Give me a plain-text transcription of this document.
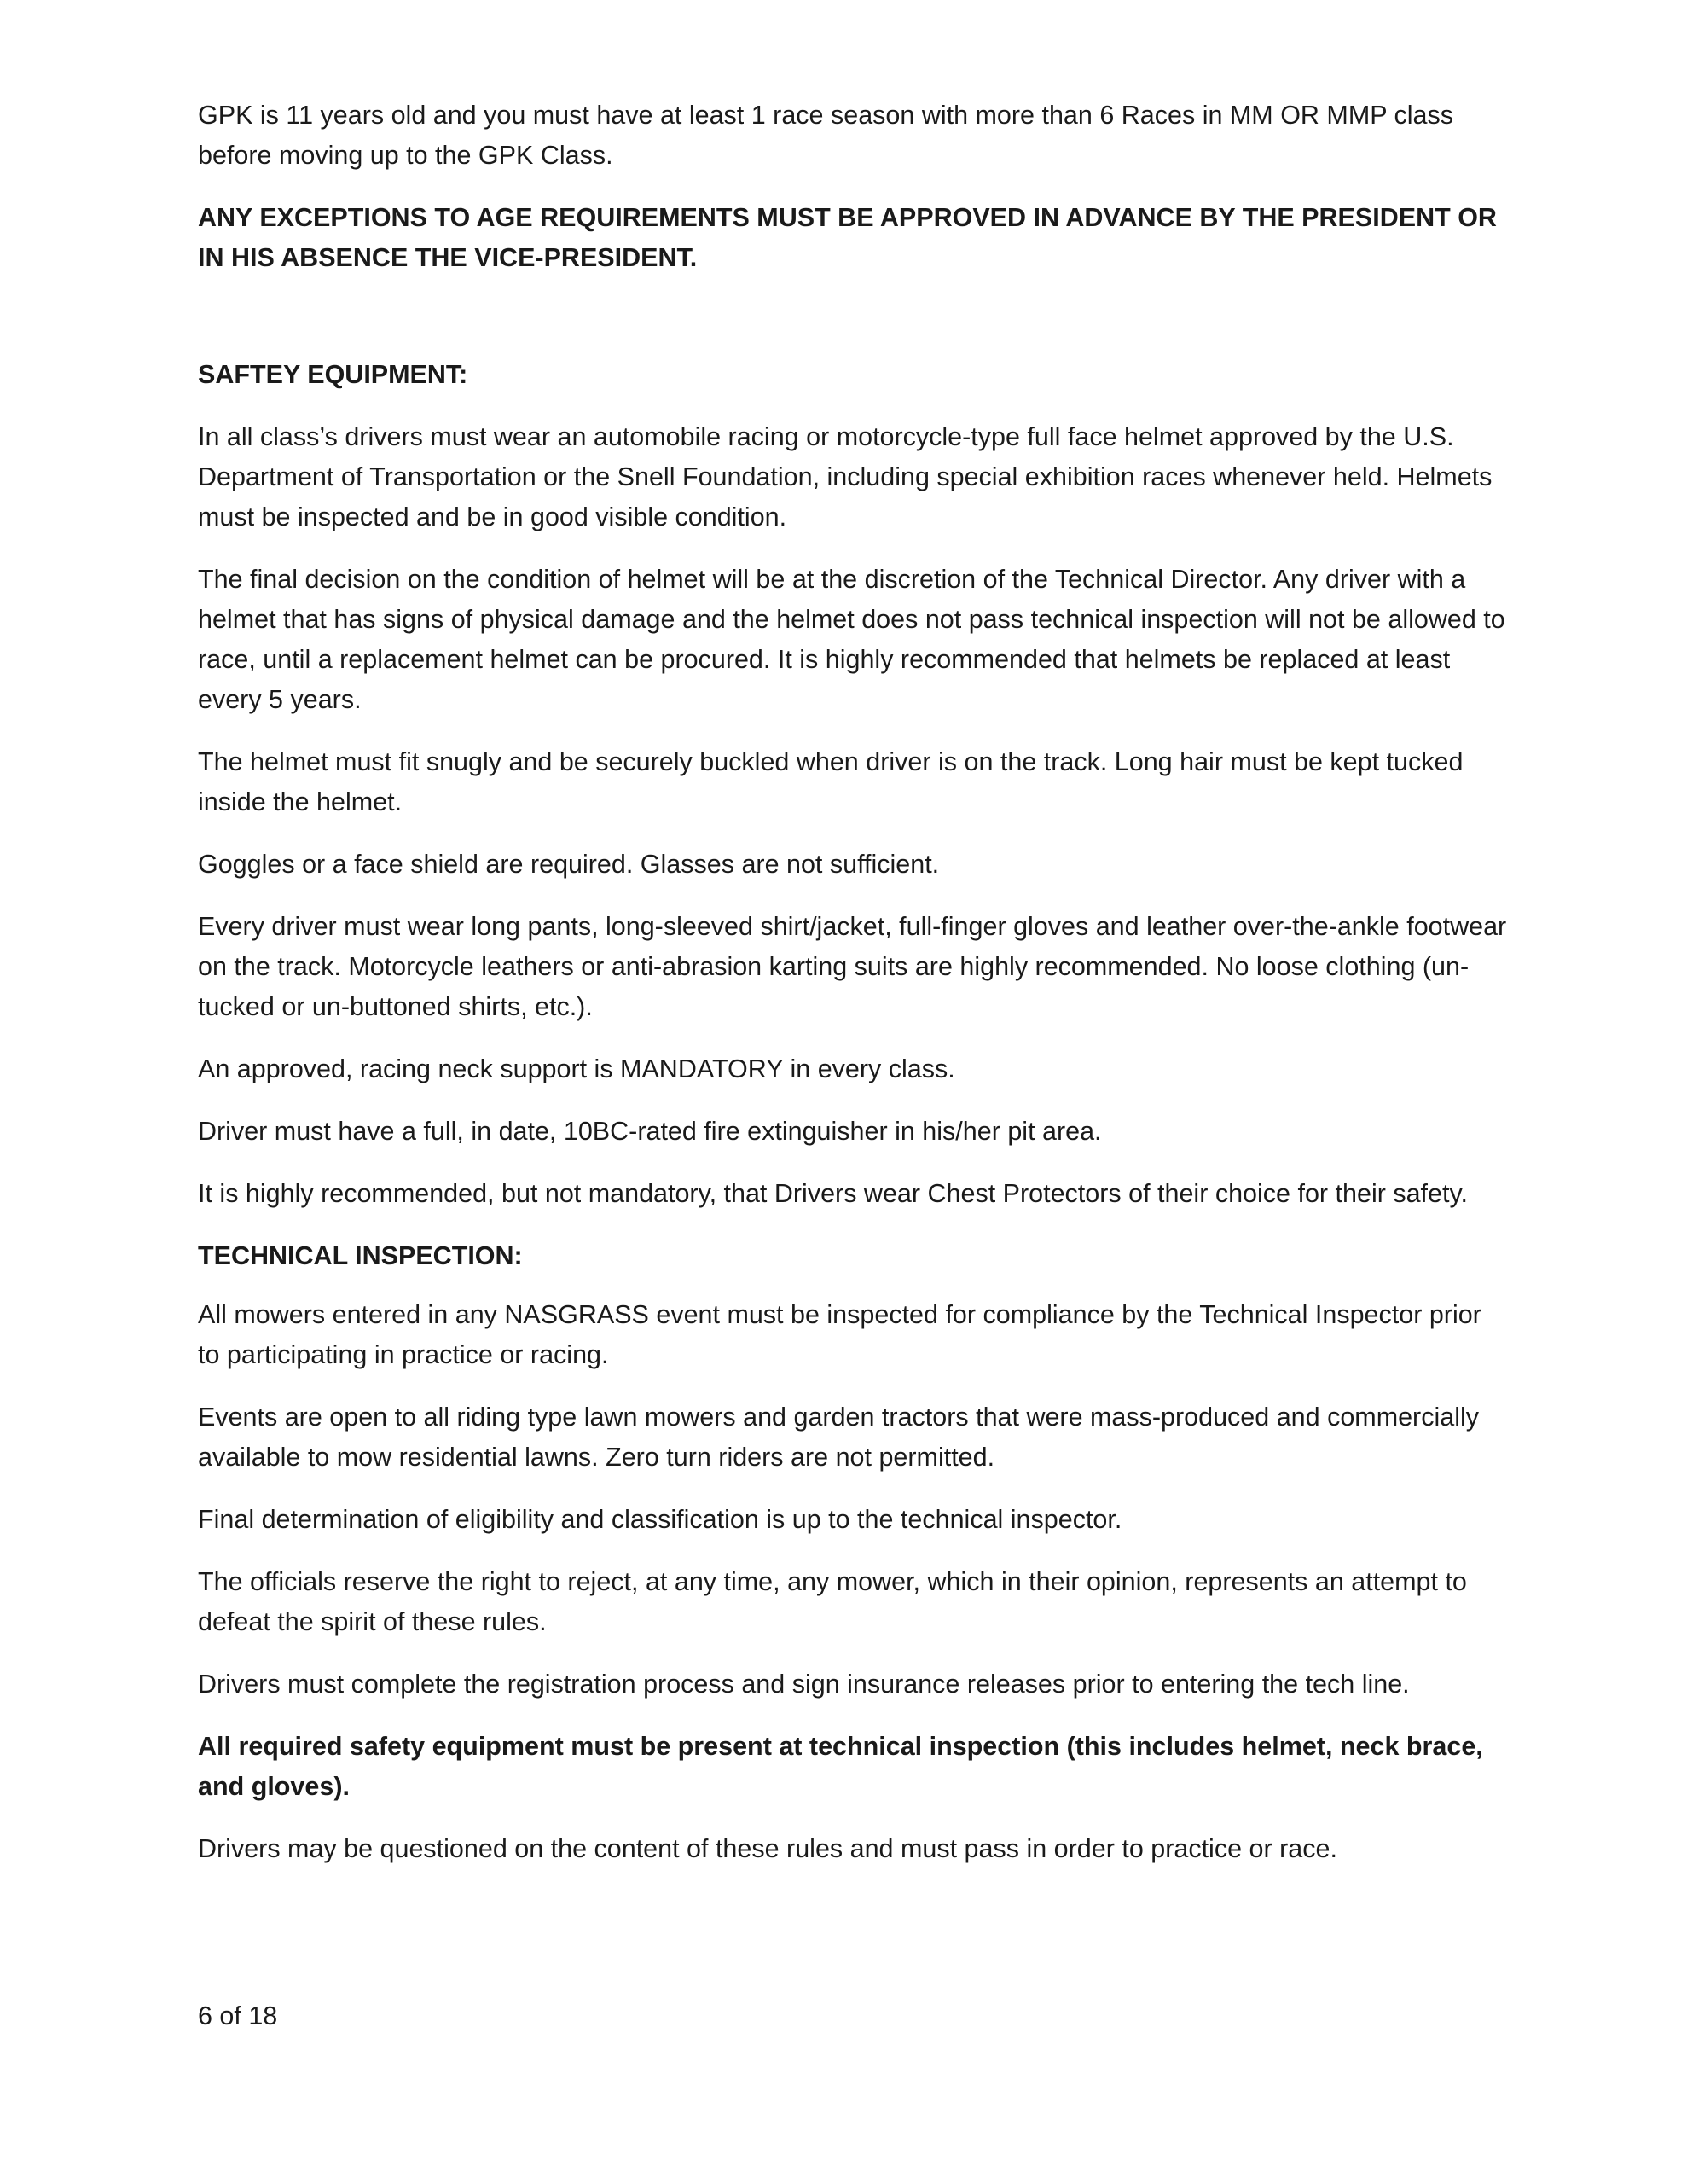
GPK is 11 years old and you must have at least 1 race season with more than 6 Races in MM OR MMP class before moving up to the GPK Class.

ANY EXCEPTIONS TO AGE REQUIREMENTS MUST BE APPROVED IN ADVANCE BY THE PRESIDENT OR IN HIS ABSENCE THE VICE-PRESIDENT.

SAFTEY EQUIPMENT:

In all class’s drivers must wear an automobile racing or motorcycle-type full face helmet approved by the U.S. Department of Transportation or the Snell Foundation, including special exhibition races whenever held. Helmets must be inspected and be in good visible condition.

The final decision on the condition of helmet will be at the discretion of the Technical Director. Any driver with a helmet that has signs of physical damage and the helmet does not pass technical inspection will not be allowed to race, until a replacement helmet can be procured. It is highly recommended that helmets be replaced at least every 5 years.

The helmet must fit snugly and be securely buckled when driver is on the track. Long hair must be kept tucked inside the helmet.

Goggles or a face shield are required. Glasses are not sufficient.

Every driver must wear long pants, long-sleeved shirt/jacket, full-finger gloves and leather over-the-ankle footwear on the track. Motorcycle leathers or anti-abrasion karting suits are highly recommended. No loose clothing (un-tucked or un-buttoned shirts, etc.).

An approved, racing neck support is MANDATORY in every class.

Driver must have a full, in date, 10BC-rated fire extinguisher in his/her pit area.

It is highly recommended, but not mandatory, that Drivers wear Chest Protectors of their choice for their safety.

TECHNICAL INSPECTION:

All mowers entered in any NASGRASS event must be inspected for compliance by the Technical Inspector prior to participating in practice or racing.

Events are open to all riding type lawn mowers and garden tractors that were mass-produced and commercially available to mow residential lawns. Zero turn riders are not permitted.

Final determination of eligibility and classification is up to the technical inspector.

The officials reserve the right to reject, at any time, any mower, which in their opinion, represents an attempt to defeat the spirit of these rules.

Drivers must complete the registration process and sign insurance releases prior to entering the tech line.

All required safety equipment must be present at technical inspection (this includes helmet, neck brace, and gloves).

Drivers may be questioned on the content of these rules and must pass in order to practice or race.

6 of 18
